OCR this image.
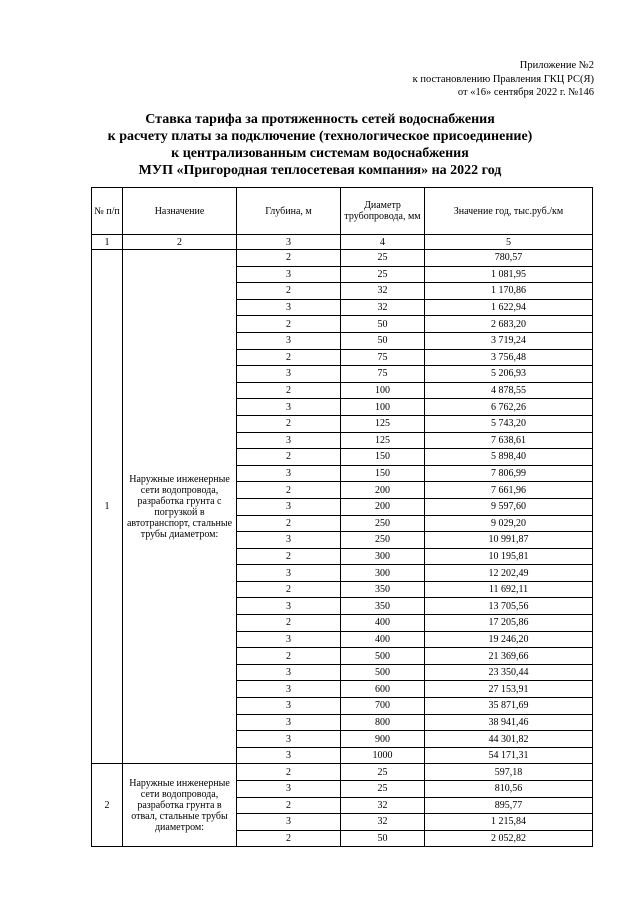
Приложение №2
к постановлению Правления ГКЦ РС(Я)
от «16» сентября 2022 г. №146
Ставка тарифа за протяженность сетей водоснабжения
к расчету платы за подключение (технологическое присоединение)
к централизованным системам водоснабжения
МУП «Пригородная теплосетевая компания» на 2022 год
№ п/п	Назначение	Глубина, м	Диаметр трубопровода, мм	Значение год, тыс.руб./км
1	2	3	4	5
1	Наружные инженерные сети водопровода, разработка грунта с погрузкой в автотранспорт, стальные трубы диаметром:	2	25	780,57
		3	25	1 081,95
		2	32	1 170,86
		3	32	1 622,94
		2	50	2 683,20
		3	50	3 719,24
		2	75	3 756,48
		3	75	5 206,93
		2	100	4 878,55
		3	100	6 762,26
		2	125	5 743,20
		3	125	7 638,61
		2	150	5 898,40
		3	150	7 806,99
		2	200	7 661,96
		3	200	9 597,60
		2	250	9 029,20
		3	250	10 991,87
		2	300	10 195,81
		3	300	12 202,49
		2	350	11 692,11
		3	350	13 705,56
		2	400	17 205,86
		3	400	19 246,20
		2	500	21 369,66
		3	500	23 350,44
		3	600	27 153,91
		3	700	35 871,69
		3	800	38 941,46
		3	900	44 301,82
		3	1000	54 171,31
2	Наружные инженерные сети водопровода, разработка грунта в отвал, стальные трубы диаметром:	2	25	597,18
		3	25	810,56
		2	32	895,77
		3	32	1 215,84
		2	50	2 052,82
